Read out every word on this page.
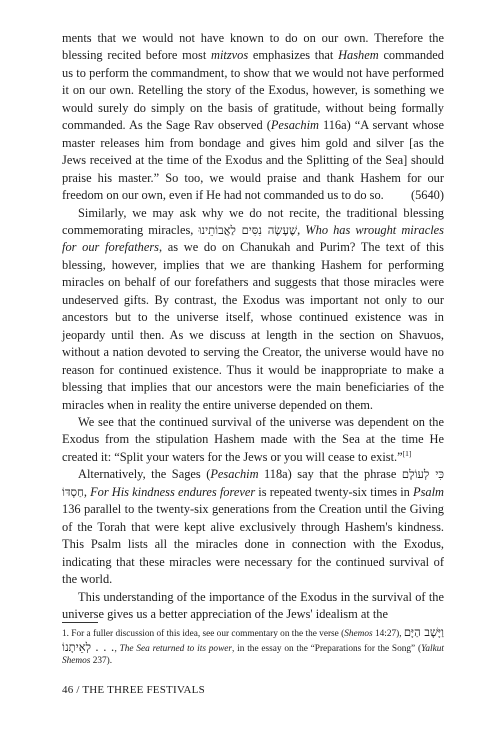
ments that we would not have known to do on our own. Therefore the blessing recited before most mitzvos emphasizes that Hashem commanded us to perform the commandment, to show that we would not have performed it on our own. Retelling the story of the Exodus, however, is something we would surely do simply on the basis of gratitude, without being formally commanded. As the Sage Rav observed (Pesachim 116a) “A servant whose master releases him from bondage and gives him gold and silver [as the Jews received at the time of the Exodus and the Splitting of the Sea] should praise his master.” So too, we would praise and thank Hashem for our freedom on our own, even if He had not commanded us to do so. (5640)

Similarly, we may ask why we do not recite, the traditional blessing commemorating miracles, שֶׁעָשָׂה נִסִּים לַאֲבוֹתֵינוּ, Who has wrought miracles for our forefathers, as we do on Chanukah and Purim? The text of this blessing, however, implies that we are thanking Hashem for performing miracles on behalf of our forefathers and suggests that those miracles were undeserved gifts. By contrast, the Exodus was important not only to our ancestors but to the universe itself, whose continued existence was in jeopardy until then. As we discuss at length in the section on Shavuos, without a nation devoted to serving the Creator, the universe would have no reason for continued existence. Thus it would be inappropriate to make a blessing that implies that our ancestors were the main beneficiaries of the miracles when in reality the entire universe depended on them.

We see that the continued survival of the universe was dependent on the Exodus from the stipulation Hashem made with the Sea at the time He created it: “Split your waters for the Jews or you will cease to exist.”[1]

Alternatively, the Sages (Pesachim 118a) say that the phrase כִּי לְעוֹלָם חַסְדּוֹ, For His kindness endures forever is repeated twenty-six times in Psalm 136 parallel to the twenty-six generations from the Creation until the Giving of the Torah that were kept alive exclusively through Hashem's kindness. This Psalm lists all the miracles done in connection with the Exodus, indicating that these miracles were necessary for the continued survival of the world.

This understanding of the importance of the Exodus in the survival of the universe gives us a better appreciation of the Jews' idealism at the

1. For a fuller discussion of this idea, see our commentary on the the verse (Shemos 14:27), וַיָּשָׁב הַיָּם . . . לְאֵיתָנוֹ, The Sea returned to its power, in the essay on the “Preparations for the Song” (Yalkut Shemos 237).
46 / THE THREE FESTIVALS
